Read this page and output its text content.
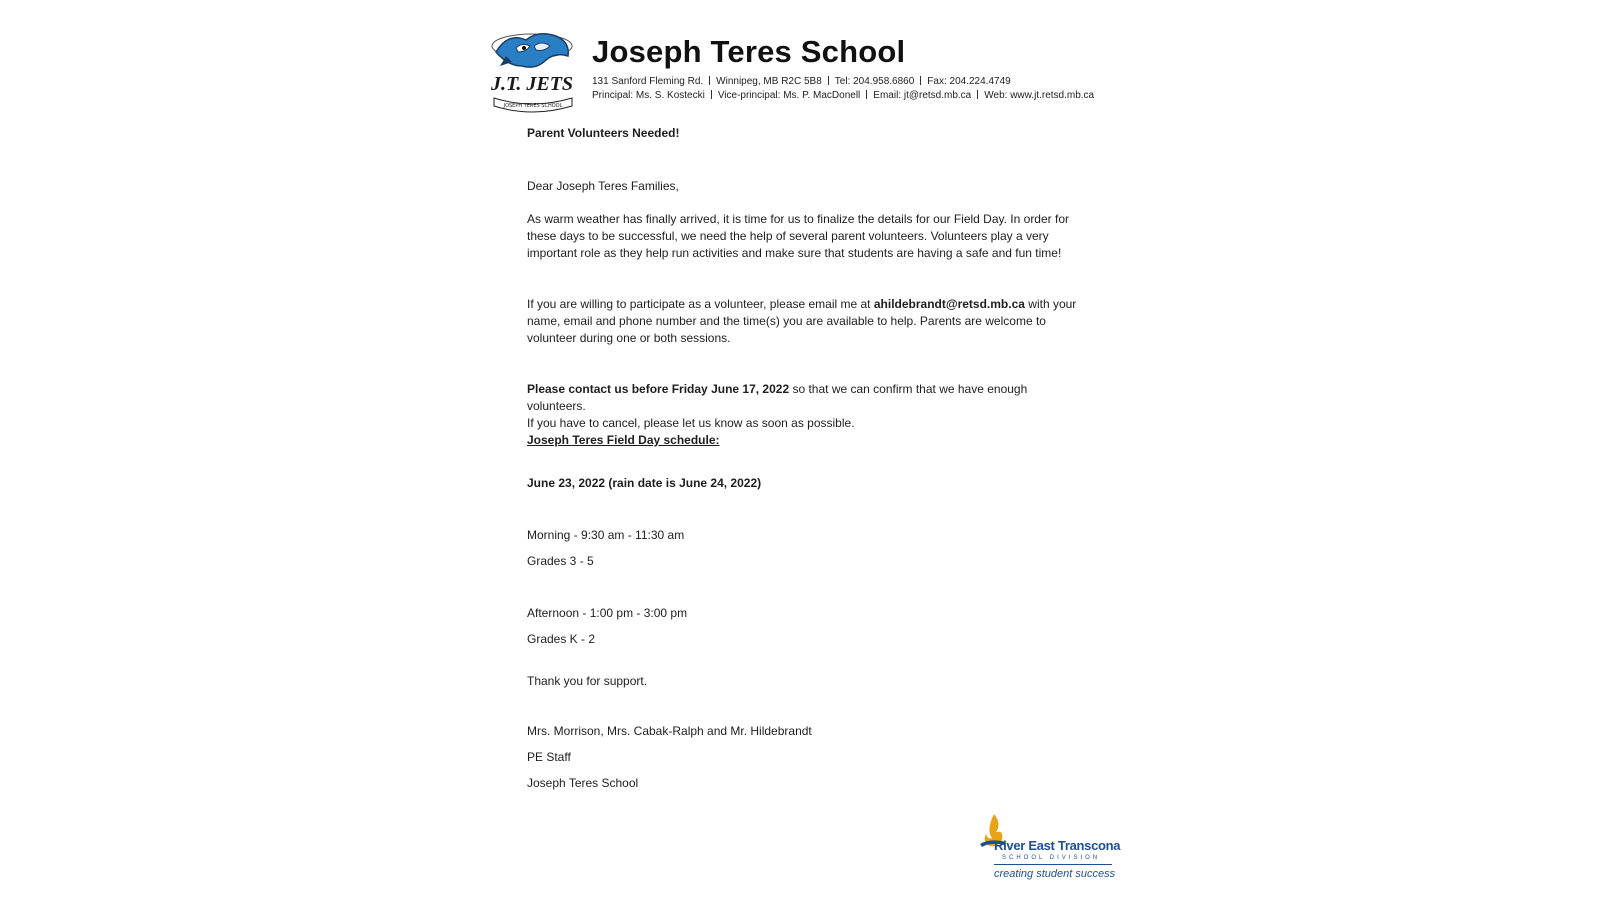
J.T. JETS
JOSEPH TERES SCHOOL
Joseph Teres School
131 Sanford Fleming Rd. Winnipeg, MB R2C 5B8 Tel: 204.958.6860 Fax: 204.224.4749
Principal: Ms. S. Kostecki Vice-principal: Ms. P. MacDonell Email: jt@retsd.mb.ca Web: www.jt.retsd.mb.ca
Parent Volunteers Needed!
Dear Joseph Teres Families,
As warm weather has finally arrived, it is time for us to finalize the details for our Field Day. In order for these days to be successful, we need the help of several parent volunteers. Volunteers play a very important role as they help run activities and make sure that students are having a safe and fun time!
If you are willing to participate as a volunteer, please email me at ahildebrandt@retsd.mb.ca with your name, email and phone number and the time(s) you are available to help. Parents are welcome to volunteer during one or both sessions.
Please contact us before Friday June 17, 2022 so that we can confirm that we have enough volunteers.
If you have to cancel, please let us know as soon as possible.
Joseph Teres Field Day schedule:
June 23, 2022 (rain date is June 24, 2022)
Morning - 9:30 am - 11:30 am
Grades 3 - 5
Afternoon - 1:00 pm - 3:00 pm
Grades K - 2
Thank you for support.
Mrs. Morrison, Mrs. Cabak-Ralph and Mr. Hildebrandt
PE Staff
Joseph Teres School
River East Transcona
SCHOOL DIVISION
creating student success
